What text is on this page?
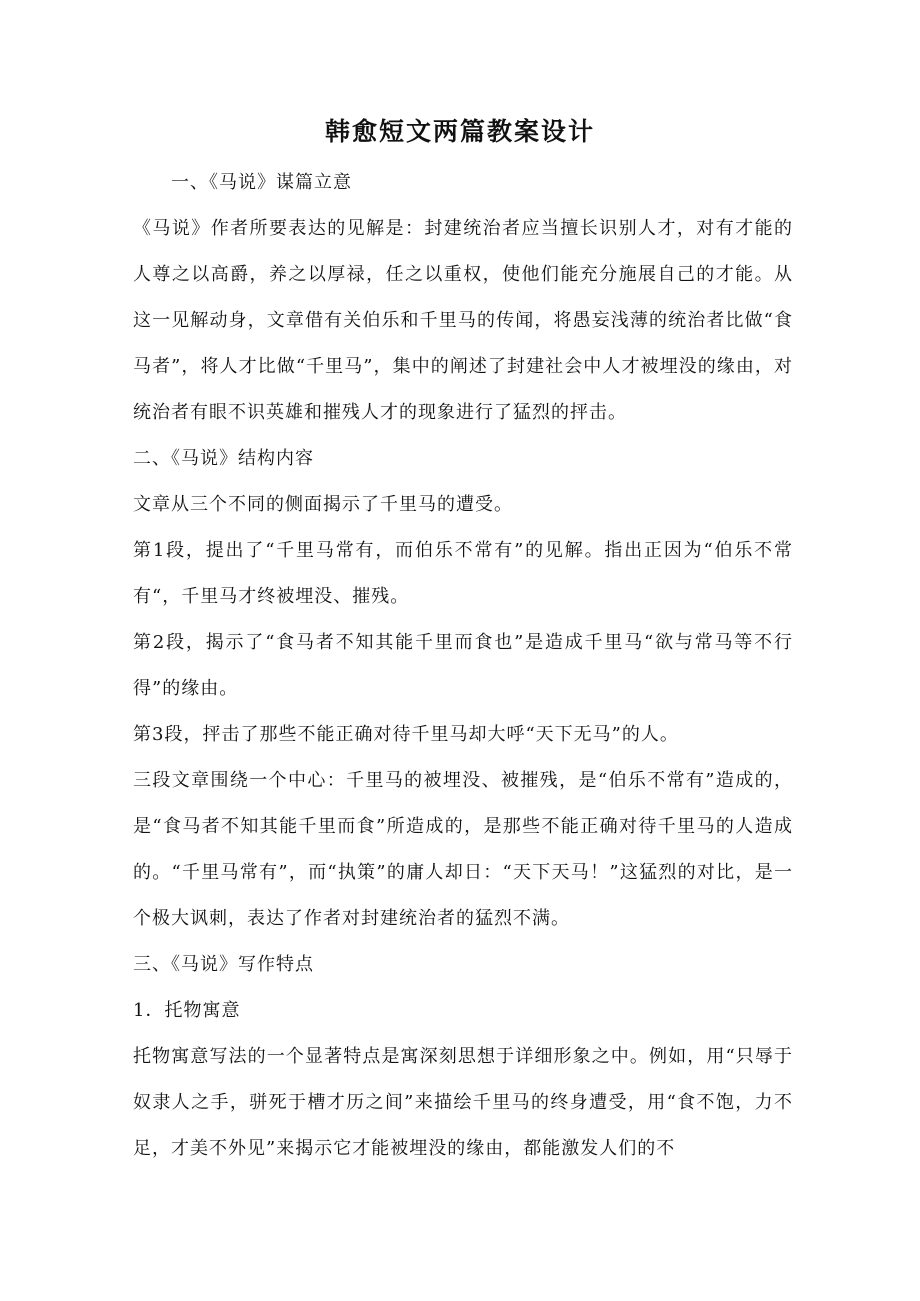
韩愈短文两篇教案设计

一、《马说》谋篇立意

《马说》作者所要表达的见解是：封建统治者应当擅长识别人才，对有才能的人尊之以高爵，养之以厚禄，任之以重权，使他们能充分施展自己的才能。从这一见解动身，文章借有关伯乐和千里马的传闻，将愚妄浅薄的统治者比做“食马者”，将人才比做“千里马”，集中的阐述了封建社会中人才被埋没的缘由，对统治者有眼不识英雄和摧残人才的现象进行了猛烈的抨击。

二、《马说》结构内容

文章从三个不同的侧面揭示了千里马的遭受。

第1段，提出了“千里马常有，而伯乐不常有”的见解。指出正因为“伯乐不常有“，千里马才终被埋没、摧残。

第2段，揭示了“食马者不知其能千里而食也”是造成千里马“欲与常马等不行得”的缘由。

第3段，抨击了那些不能正确对待千里马却大呼“天下无马”的人。

三段文章围绕一个中心：千里马的被埋没、被摧残，是“伯乐不常有”造成的，是“食马者不知其能千里而食”所造成的，是那些不能正确对待千里马的人造成的。“千里马常有”，而“执策”的庸人却日：“天下天马！”这猛烈的对比，是一个极大讽刺，表达了作者对封建统治者的猛烈不满。

三、《马说》写作特点

1．托物寓意

托物寓意写法的一个显著特点是寓深刻思想于详细形象之中。例如，用“只辱于奴隶人之手，骈死于槽才历之间”来描绘千里马的终身遭受，用“食不饱，力不足，才美不外见”来揭示它才能被埋没的缘由，都能激发人们的不
